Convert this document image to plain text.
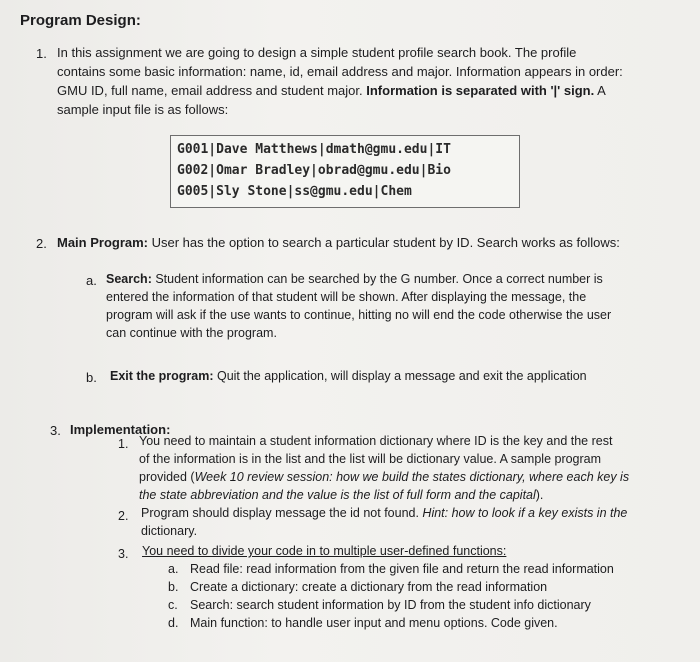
Program Design:
1. In this assignment we are going to design a simple student profile search book. The profile
contains some basic information: name, id, email address and major. Information appears in order:
GMU ID, full name, email address and student major. Information is separated with '|' sign. A
sample input file is as follows:
G001|Dave Matthews|dmath@gmu.edu|IT
G002|Omar Bradley|obrad@gmu.edu|Bio
G005|Sly Stone|ss@gmu.edu|Chem
2. Main Program: User has the option to search a particular student by ID. Search works as follows:
a. Search: Student information can be searched by the G number. Once a correct number is
entered the information of that student will be shown. After displaying the message, the
program will ask if the use wants to continue, hitting no will end the code otherwise the user
can continue with the program.
b. Exit the program: Quit the application, will display a message and exit the application
3. Implementation:
1. You need to maintain a student information dictionary where ID is the key and the rest
of the information is in the list and the list will be dictionary value. A sample program
provided (Week 10 review session: how we build the states dictionary, where each key is
the state abbreviation and the value is the list of full form and the capital).
2. Program should display message the id not found. Hint: how to look if a key exists in the
dictionary.
3. You need to divide your code in to multiple user-defined functions:
a. Read file: read information from the given file and return the read information
b. Create a dictionary: create a dictionary from the read information
c. Search: search student information by ID from the student info dictionary
d. Main function: to handle user input and menu options. Code given.
